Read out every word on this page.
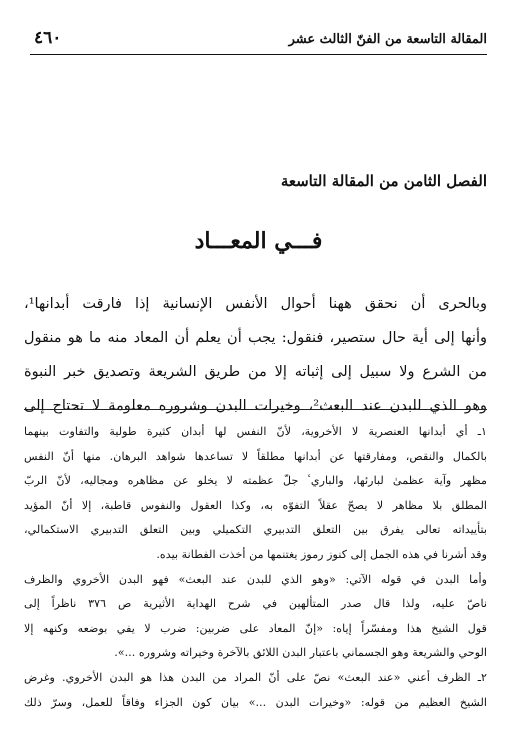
المقالة التاسعة من الفنّ الثالث عشر
٤٦٠
الفصل الثامن من المقالة التاسعة
فـــي المعـــاد
وبالحرى أن نحقق ههنا أحوال الأنفس الإنسانية إذا فارقت أبدانها¹،
وأنها إلى أية حال ستصير، فنقول: يجب أن يعلم أن المعاد منه ما هو منقول
من الشرع ولا سبيل إلى إثباته إلا من طريق الشريعة وتصديق خبر النبوة
وهو الذي للبدن عند البعث²، وخيرات البدن وشروره معلومة لا تحتاج إلى
١ـ أي أبدانها العنصرية لا الأخروية، لأنّ النفس لها أبدان كثيرة طولية والتفاوت بينهما
بالكمال والنقص، ومفارقتها عن أبدانها مطلقاً لا تساعدها شواهد البرهان. منها أنّ النفس
مظهر وآية عظمىٰ لبارئها، والباريٴ جلّ عظمته لا يخلو عن مظاهره ومجاليه، لأنّ الربّ
المطلق بلا مظاهر لا يصحّ عقلاً التفوّه به، وكذا العقول والنفوس قاطبة، إلا أنّ المؤيد
بتأييداته تعالى يفرق بين التعلق التدبيري التكميلي وبين التعلق التدبيري الاستكمالي،
وقد أشرنا في هذه الجمل إلى كنوز رموز يغتنمها من أخذت الفطانة بيده.
وأما البدن في قوله الآتي: «وهو الذي للبدن عند البعث» فهو البدن الأخروي والظرف
ناصّ عليه، ولذا قال صدر المتألهين في شرح الهداية الأثيرية ص ٣٧٦ ناظراً إلى
قول الشيخ هذا ومفسّراً إياه: «إنّ المعاد على ضربين: ضرب لا يفي بوضعه وكنهه إلا
الوحي والشريعة وهو الجسماني باعتبار البدن اللائق بالآخرة وخيراته وشروره ...».
٢ـ الظرف أعني «عند البعث» نصّ على أنّ المراد من البدن هذا هو البدن الأخروي. وغرض
الشيخ العظيم من قوله: «وخيرات البدن ...» بيان كون الجزاء وفاقاً للعمل، وسرّ ذلك
